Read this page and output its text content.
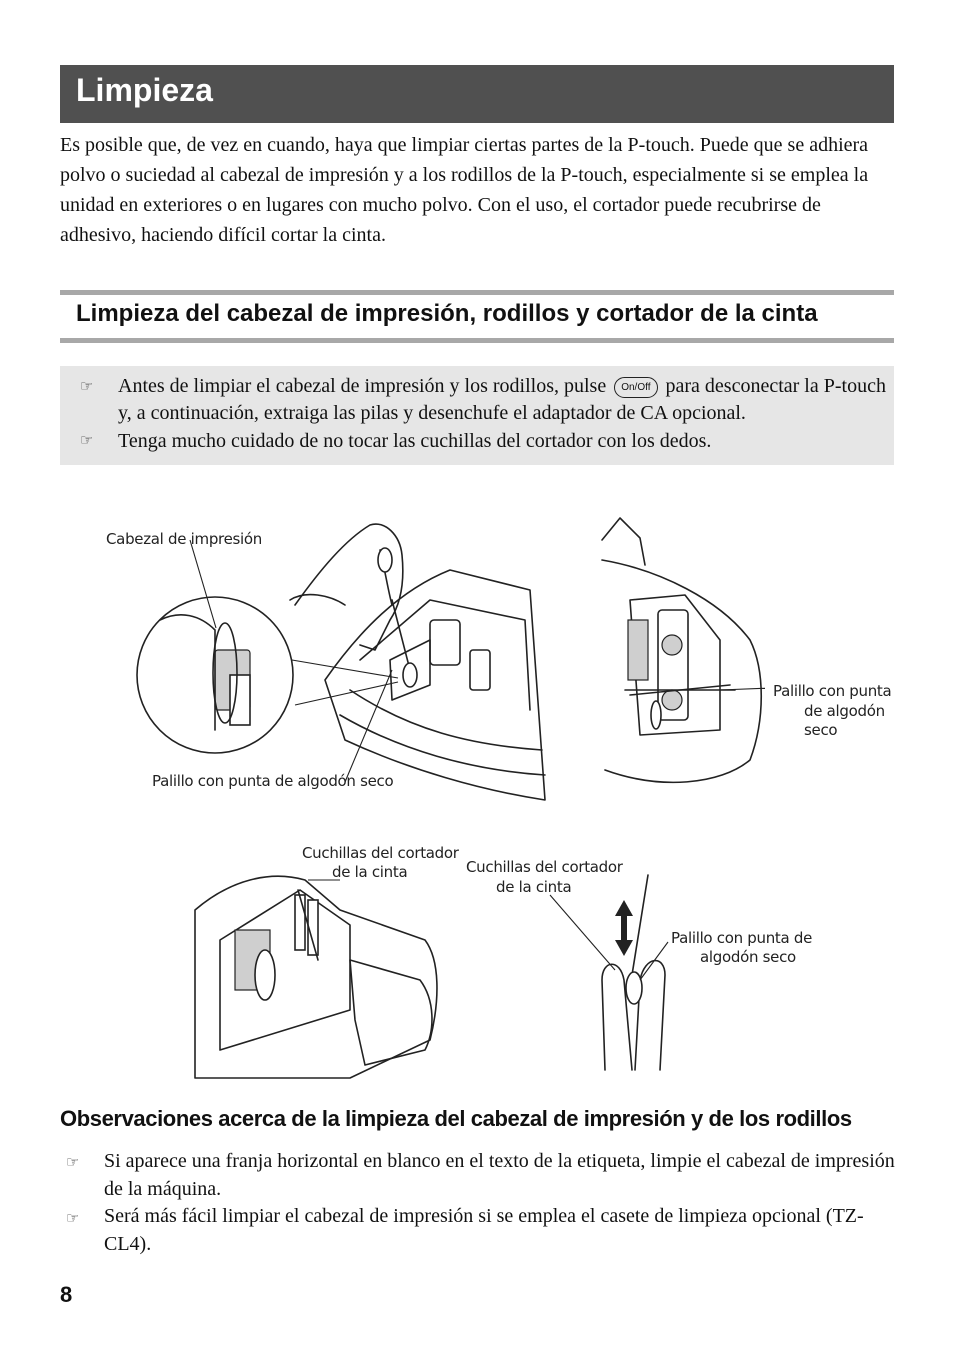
Limpieza

Es posible que, de vez en cuando, haya que limpiar ciertas partes de la P-touch. Puede que se adhiera polvo o suciedad al cabezal de impresión y a los rodillos de la P-touch, especialmente si se emplea la unidad en exteriores o en lugares con mucho polvo. Con el uso, el cortador puede recubrirse de adhesivo, haciendo difícil cortar la cinta.

Limpieza del cabezal de impresión, rodillos y cortador de la cinta
☞ Antes de limpiar el cabezal de impresión y los rodillos, pulse On/Off para desconectar la P-touch y, a continuación, extraiga las pilas y desenchufe el adaptador de CA opcional.
☞ Tenga mucho cuidado de no tocar las cuchillas del cortador con los dedos.
Cabezal de impresión
Palillo con punta de algodón seco
Palillo con punta
de algodón
seco
Cuchillas del cortador
de la cinta	Cuchillas del cortador
de la cinta
Palillo con punta de
algodón seco
Observaciones acerca de la limpieza del cabezal de impresión y de los rodillos
☞ Si aparece una franja horizontal en blanco en el texto de la etiqueta, limpie el cabezal de impresión de la máquina.
☞ Será más fácil limpiar el cabezal de impresión si se emplea el casete de limpieza opcional (TZ-CL4).
8
